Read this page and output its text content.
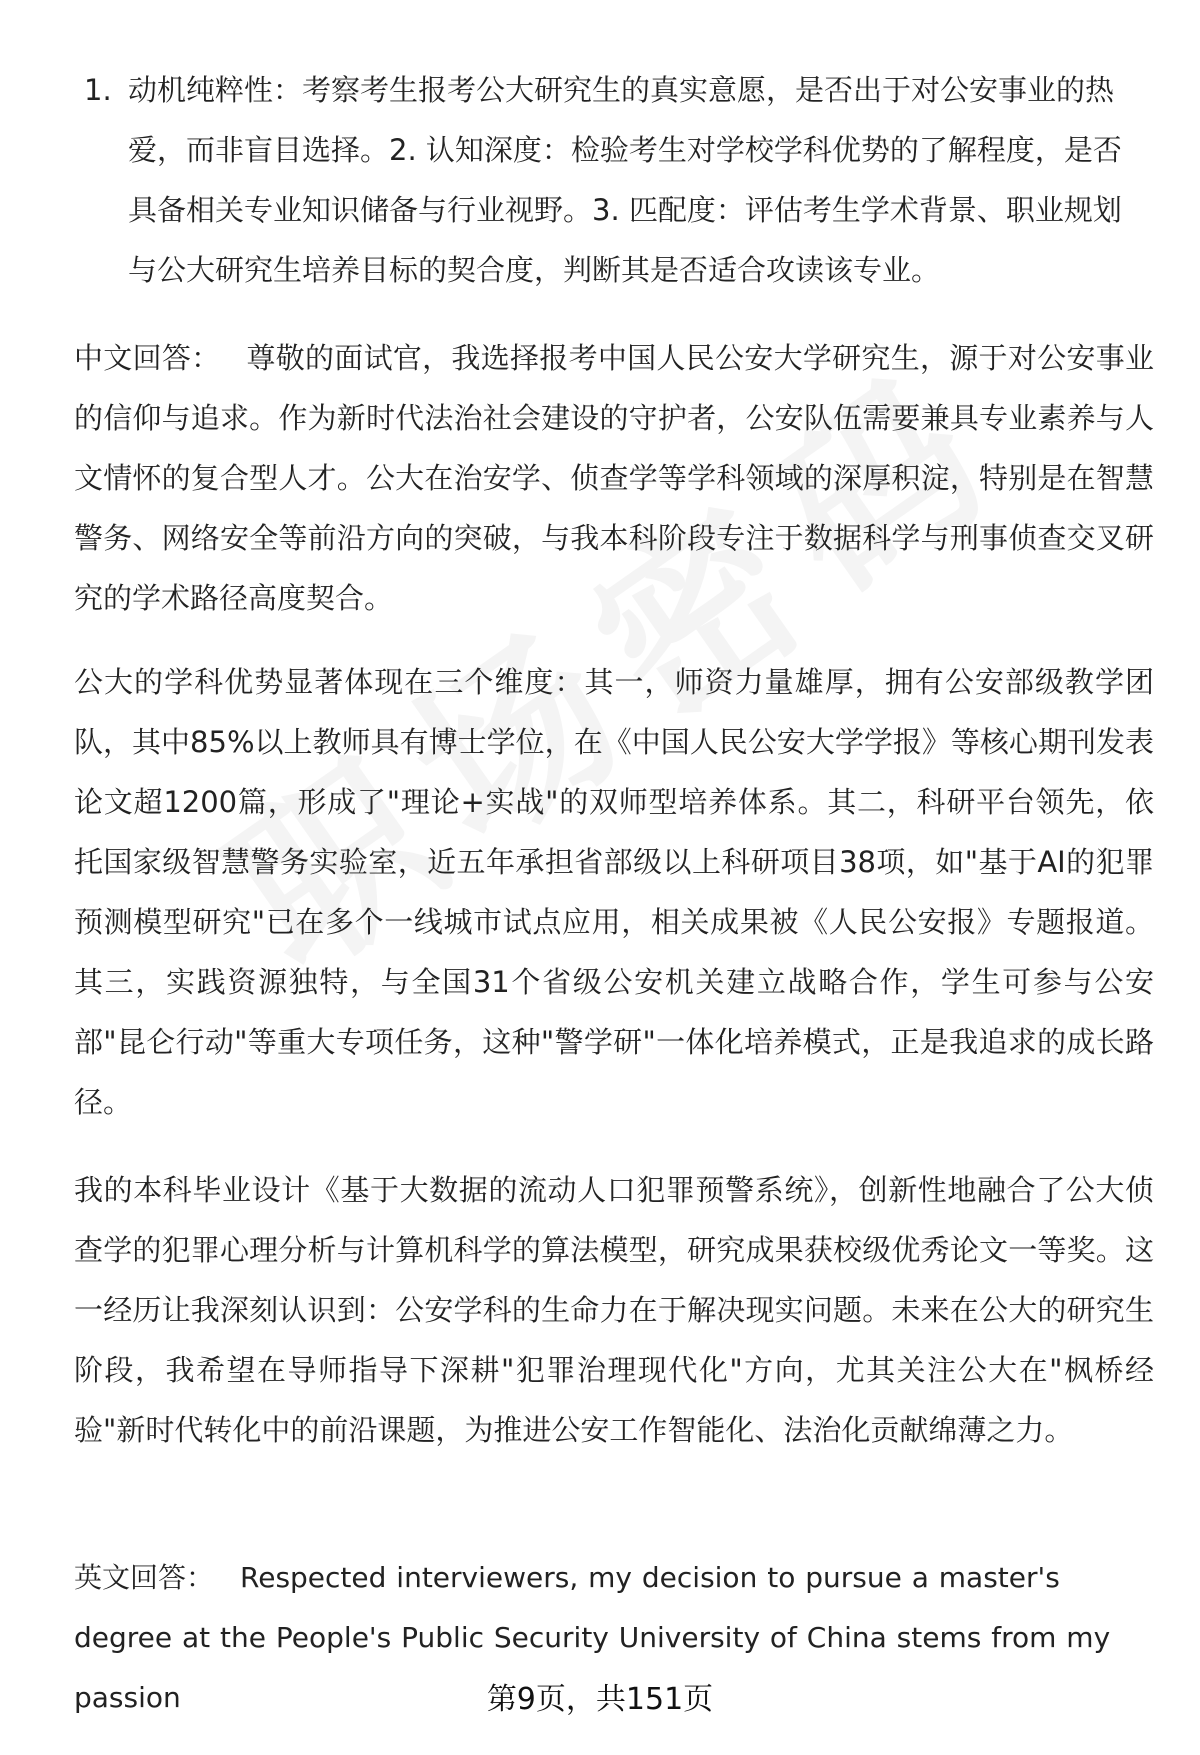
1. 动机纯粹性：考察考生报考公大研究生的真实意愿，是否出于对公安事业的热爱，而非盲目选择。2. 认知深度：检验考生对学校学科优势的了解程度，是否具备相关专业知识储备与行业视野。3. 匹配度：评估考生学术背景、职业规划与公大研究生培养目标的契合度，判断其是否适合攻读该专业。
中文回答： 尊敬的面试官，我选择报考中国人民公安大学研究生，源于对公安事业的信仰与追求。作为新时代法治社会建设的守护者，公安队伍需要兼具专业素养与人文情怀的复合型人才。公大在治安学、侦查学等学科领域的深厚积淀，特别是在智慧警务、网络安全等前沿方向的突破，与我本科阶段专注于数据科学与刑事侦查交叉研究的学术路径高度契合。
公大的学科优势显著体现在三个维度：其一，师资力量雄厚，拥有公安部级教学团队，其中85%以上教师具有博士学位，在《中国人民公安大学学报》等核心期刊发表论文超1200篇，形成了"理论+实战"的双师型培养体系。其二，科研平台领先，依托国家级智慧警务实验室，近五年承担省部级以上科研项目38项，如"基于AI的犯罪预测模型研究"已在多个一线城市试点应用，相关成果被《人民公安报》专题报道。其三，实践资源独特，与全国31个省级公安机关建立战略合作，学生可参与公安部"昆仑行动"等重大专项任务，这种"警学研"一体化培养模式，正是我追求的成长路径。
我的本科毕业设计《基于大数据的流动人口犯罪预警系统》，创新性地融合了公大侦查学的犯罪心理分析与计算机科学的算法模型，研究成果获校级优秀论文一等奖。这一经历让我深刻认识到：公安学科的生命力在于解决现实问题。未来在公大的研究生阶段，我希望在导师指导下深耕"犯罪治理现代化"方向，尤其关注公大在"枫桥经验"新时代转化中的前沿课题，为推进公安工作智能化、法治化贡献绵薄之力。
英文回答： Respected interviewers, my decision to pursue a master's degree at the People's Public Security University of China stems from my passion	第9页，共151页
